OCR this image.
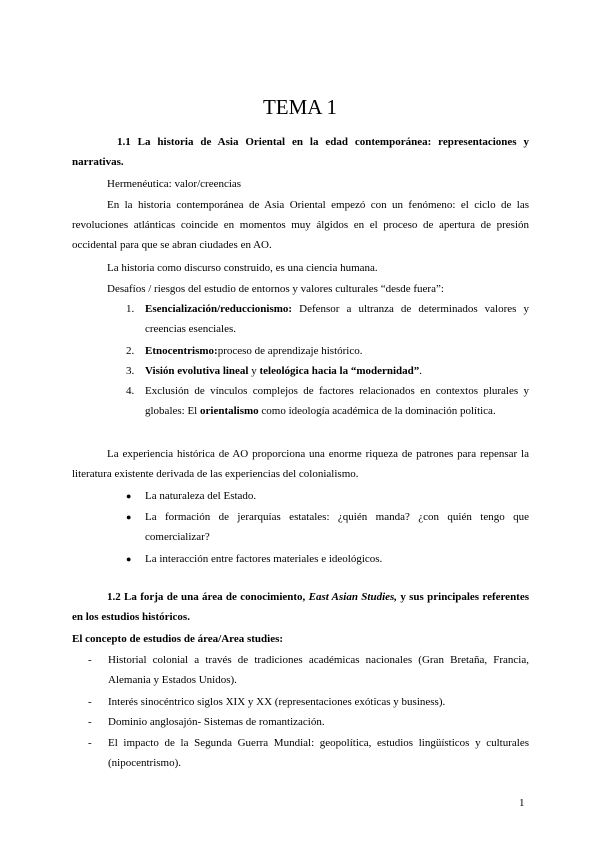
TEMA 1
1.1 La historia de Asia Oriental en la edad contemporánea: representaciones y narrativas.
Hermenéutica: valor/creencias
En la historia contemporánea de Asia Oriental empezó con un fenómeno: el ciclo de las revoluciones atlánticas coincide en momentos muy álgidos en el proceso de apertura de presión occidental para que se abran ciudades en AO.
La historia como discurso construido, es una ciencia humana.
Desafíos / riesgos del estudio de entornos y valores culturales “desde fuera”:
1. Esencialización/reduccionismo: Defensor a ultranza de determinados valores y creencias esenciales.
2. Etnocentrismo:proceso de aprendizaje histórico.
3. Visión evolutiva lineal y teleológica hacia la “modernidad”.
4. Exclusión de vínculos complejos de factores relacionados en contextos plurales y globales: El orientalismo como ideología académica de la dominación política.
La experiencia histórica de AO proporciona una enorme riqueza de patrones para repensar la literatura existente derivada de las experiencias del colonialismo.
● La naturaleza del Estado.
● La formación de jerarquías estatales: ¿quién manda? ¿con quién tengo que comercializar?
● La interacción entre factores materiales e ideológicos.
1.2 La forja de una área de conocimiento, East Asian Studies, y sus principales referentes en los estudios históricos.
El concepto de estudios de área/Area studies:
- Historial colonial a través de tradiciones académicas nacionales (Gran Bretaña, Francia, Alemania y Estados Unidos).
- Interés sinocéntrico siglos XIX y XX (representaciones exóticas y business).
- Dominio anglosajón- Sistemas de romantización.
- El impacto de la Segunda Guerra Mundial: geopolítica, estudios lingüísticos y culturales (nipocentrismo).
1
